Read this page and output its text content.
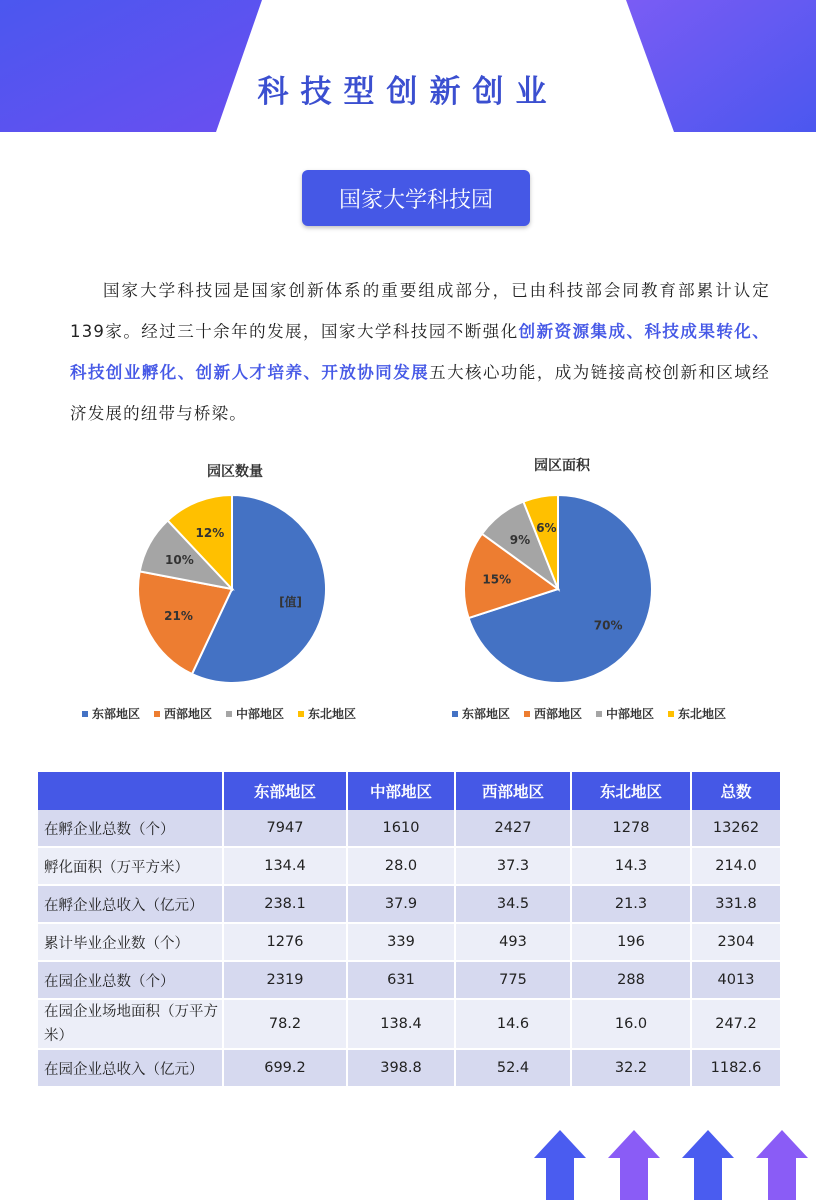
科技型创新创业
国家大学科技园
国家大学科技园是国家创新体系的重要组成部分，已由科技部会同教育部累计认定139家。经过三十余年的发展，国家大学科技园不断强化创新资源集成、科技成果转化、科技创业孵化、创新人才培养、开放协同发展五大核心功能，成为链接高校创新和区域经济发展的纽带与桥梁。
园区数量
[值]
21%
10%
12%
东部地区 西部地区 中部地区 东北地区
园区面积
70%
15%
9%
6%
东部地区 西部地区 中部地区 东北地区
	东部地区	中部地区	西部地区	东北地区	总数
在孵企业总数（个）	7947	1610	2427	1278	13262
孵化面积（万平方米）	134.4	28.0	37.3	14.3	214.0
在孵企业总收入（亿元）	238.1	37.9	34.5	21.3	331.8
累计毕业企业数（个）	1276	339	493	196	2304
在园企业总数（个）	2319	631	775	288	4013
在园企业场地面积（万平方米）	78.2	138.4	14.6	16.0	247.2
在园企业总收入（亿元）	699.2	398.8	52.4	32.2	1182.6
